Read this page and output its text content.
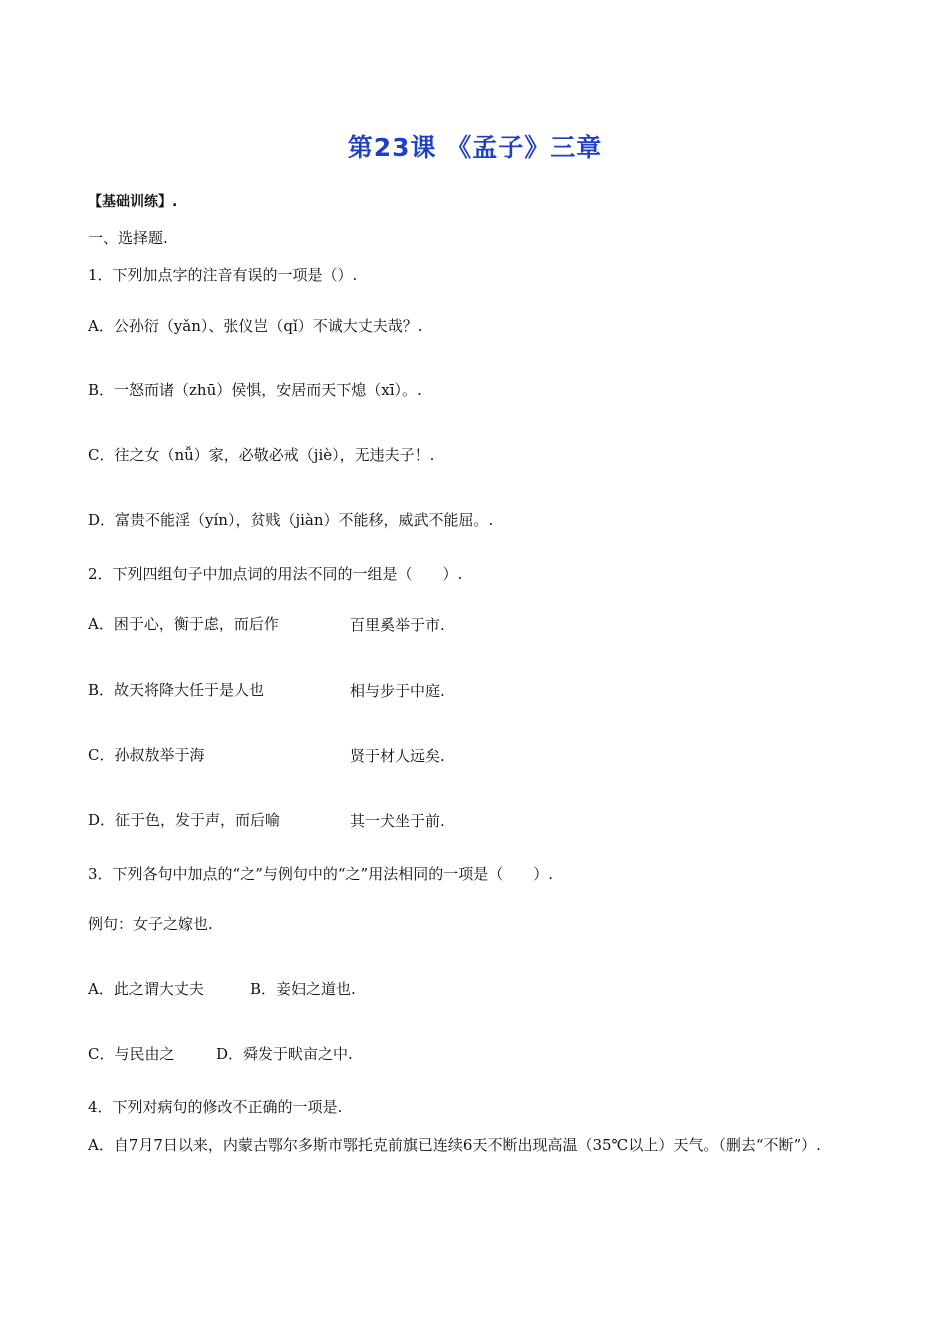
第23课 《孟子》三章
【基础训练】.
一、选择题.
1．下列加点字的注音有误的一项是（）.
A．公孙衍（yǎn）、张仪岂（qǐ）不诚大丈夫哉？.
B．一怒而诸（zhū）侯惧，安居而天下熄（xī）。.
C．往之女（nǚ）家，必敬必戒（jiè），无违夫子！.
D．富贵不能淫（yín），贫贱（jiàn）不能移，威武不能屈。.
2．下列四组句子中加点词的用法不同的一组是（　　）.
A．困于心，衡于虑，而后作	百里奚举于市.
B．故天将降大任于是人也	相与步于中庭.
C．孙叔敖举于海	贤于材人远矣.
D．征于色，发于声，而后喻	其一犬坐于前.
3．下列各句中加点的“之”与例句中的“之”用法相同的一项是（　　）.
例句：女子之嫁也.
A．此之谓大丈夫	B．妾妇之道也.
C．与民由之	D．舜发于畎亩之中.
4．下列对病句的修改不正确的一项是.
A．自7月7日以来，内蒙古鄂尔多斯市鄂托克前旗已连续6天不断出现高温（35℃以上）天气。（删去“不断”）.
